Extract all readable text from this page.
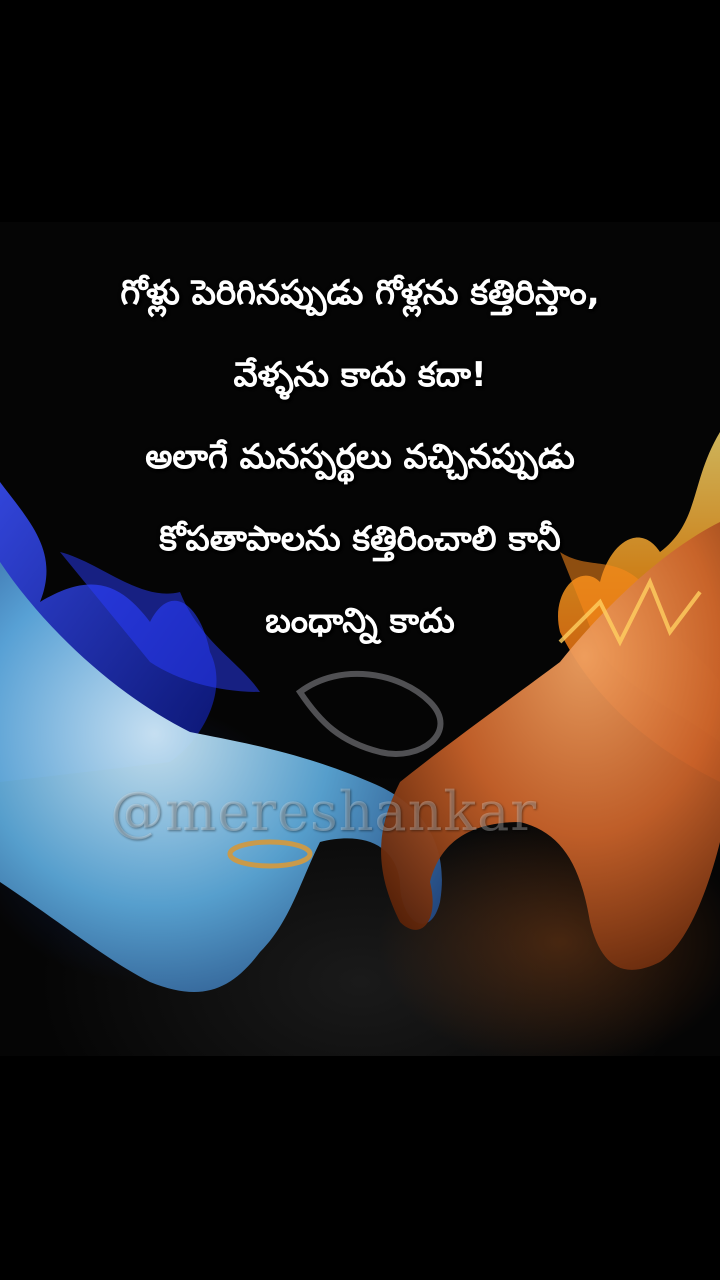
గోళ్లు పెరిగినప్పుడు గోళ్లను కత్తిరిస్తాం,
వేళ్ళను కాదు కదా!
అలాగే మనస్పర్థలు వచ్చినప్పుడు
కోపతాపాలను కత్తిరించాలి కానీ
బంధాన్ని కాదు
@mereshankar
